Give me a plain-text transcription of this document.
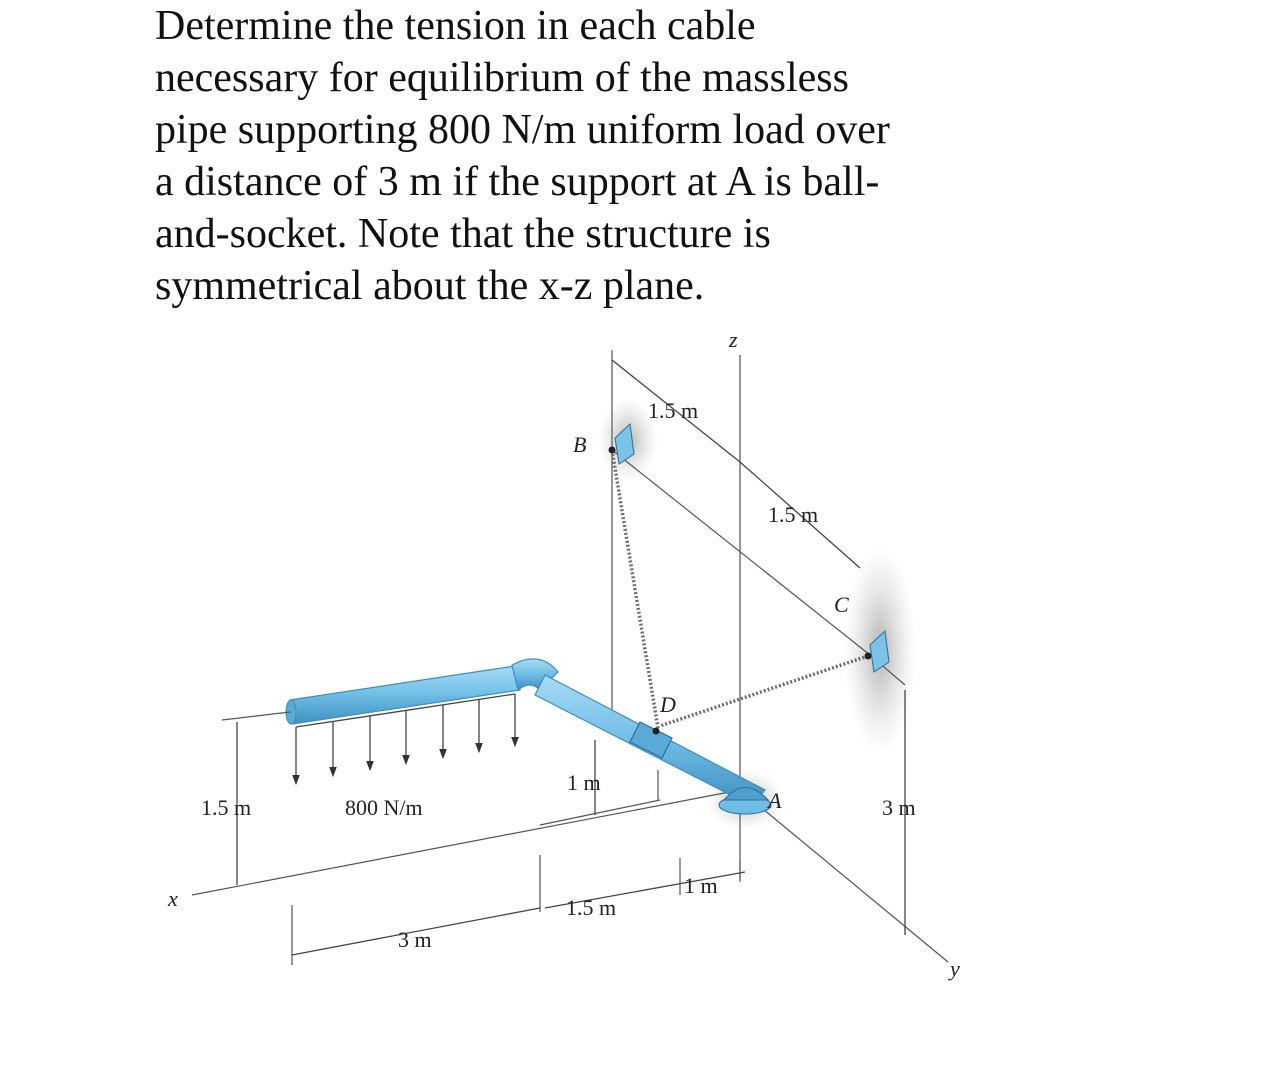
Determine the tension in each cable
necessary for equilibrium of the massless
pipe supporting 800 N/m uniform load over
a distance of 3 m if the support at A is ball-
and-socket. Note that the structure is
symmetrical about the x-z plane.
z
x
y
1.5 m
1.5 m
B
C
D
A
800 N/m
1.5 m
1 m
3 m
3 m
1.5 m
1 m
